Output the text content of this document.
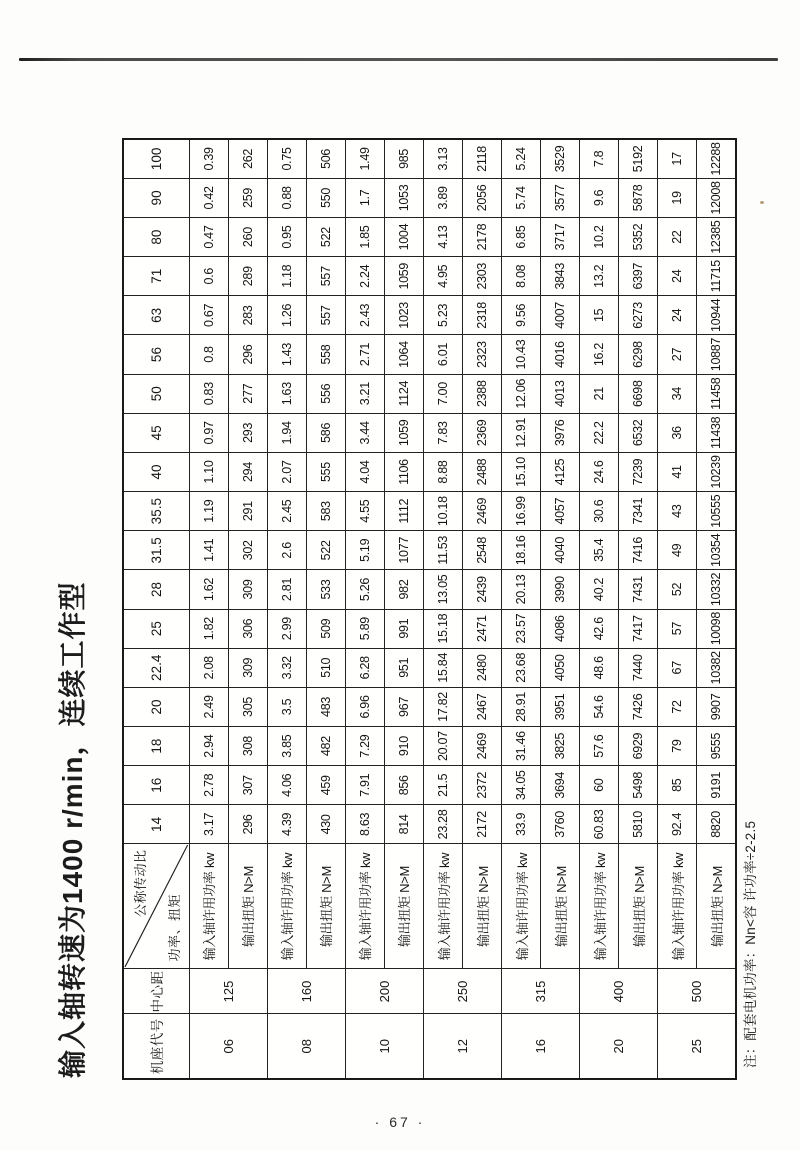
输入轴转速为1400 r/min，连续工作型	机座代号	中心距	公称传动比
功率、扭矩	14	16	18	20	22.4	25	28	31.5	35.5	40	45	50	56	63	71	80	90	100
06	125	输入轴许用功率 kw	3.17	2.78	2.94	2.49	2.08	1.82	1.62	1.41	1.19	1.10	0.97	0.83	0.8	0.67	0.6	0.47	0.42	0.39
		输出扭矩 N>M	296	307	308	305	309	306	309	302	291	294	293	277	296	283	289	260	259	262
08	160	输入轴许用功率 kw	4.39	4.06	3.85	3.5	3.32	2.99	2.81	2.6	2.45	2.07	1.94	1.63	1.43	1.26	1.18	0.95	0.88	0.75
		输出扭矩 N>M	430	459	482	483	510	509	533	522	583	555	586	556	558	557	557	522	550	506
10	200	输入轴许用功率 kw	8.63	7.91	7.29	6.96	6.28	5.89	5.26	5.19	4.55	4.04	3.44	3.21	2.71	2.43	2.24	1.85	1.7	1.49
		输出扭矩 N>M	814	856	910	967	951	991	982	1077	1112	1106	1059	1124	1064	1023	1059	1004	1053	985
12	250	输入轴许用功率 kw	23.28	21.5	20.07	17.82	15.84	15.18	13.05	11.53	10.18	8.88	7.83	7.00	6.01	5.23	4.95	4.13	3.89	3.13
		输出扭矩 N>M	2172	2372	2469	2467	2480	2471	2439	2548	2469	2488	2369	2388	2323	2318	2303	2178	2056	2118
16	315	输入轴许用功率 kw	33.9	34.05	31.46	28.91	23.68	23.57	20.13	18.16	16.99	15.10	12.91	12.06	10.43	9.56	8.08	6.85	5.74	5.24
		输出扭矩 N>M	3760	3694	3825	3951	4050	4086	3990	4040	4057	4125	3976	4013	4016	4007	3843	3717	3577	3529
20	400	输入轴许用功率 kw	60.83	60	57.6	54.6	48.6	42.6	40.2	35.4	30.6	24.6	22.2	21	16.2	15	13.2	10.2	9.6	7.8
		输出扭矩 N>M	5810	5498	6929	7426	7440	7417	7431	7416	7341	7239	6532	6698	6298	6273	6397	5352	5878	5192
25	500	输入轴许用功率 kw	92.4	85	79	72	67	57	52	49	43	41	36	34	27	24	24	22	19	17
		输出扭矩 N>M	8820	9191	9555	9907	10382	10098	10332	10354	10555	10239	11438	11458	10887	10944	11715	12385	12008	12288
注：配套电机功率：Nn<容 许功率÷2-2.5
· 67 ·
